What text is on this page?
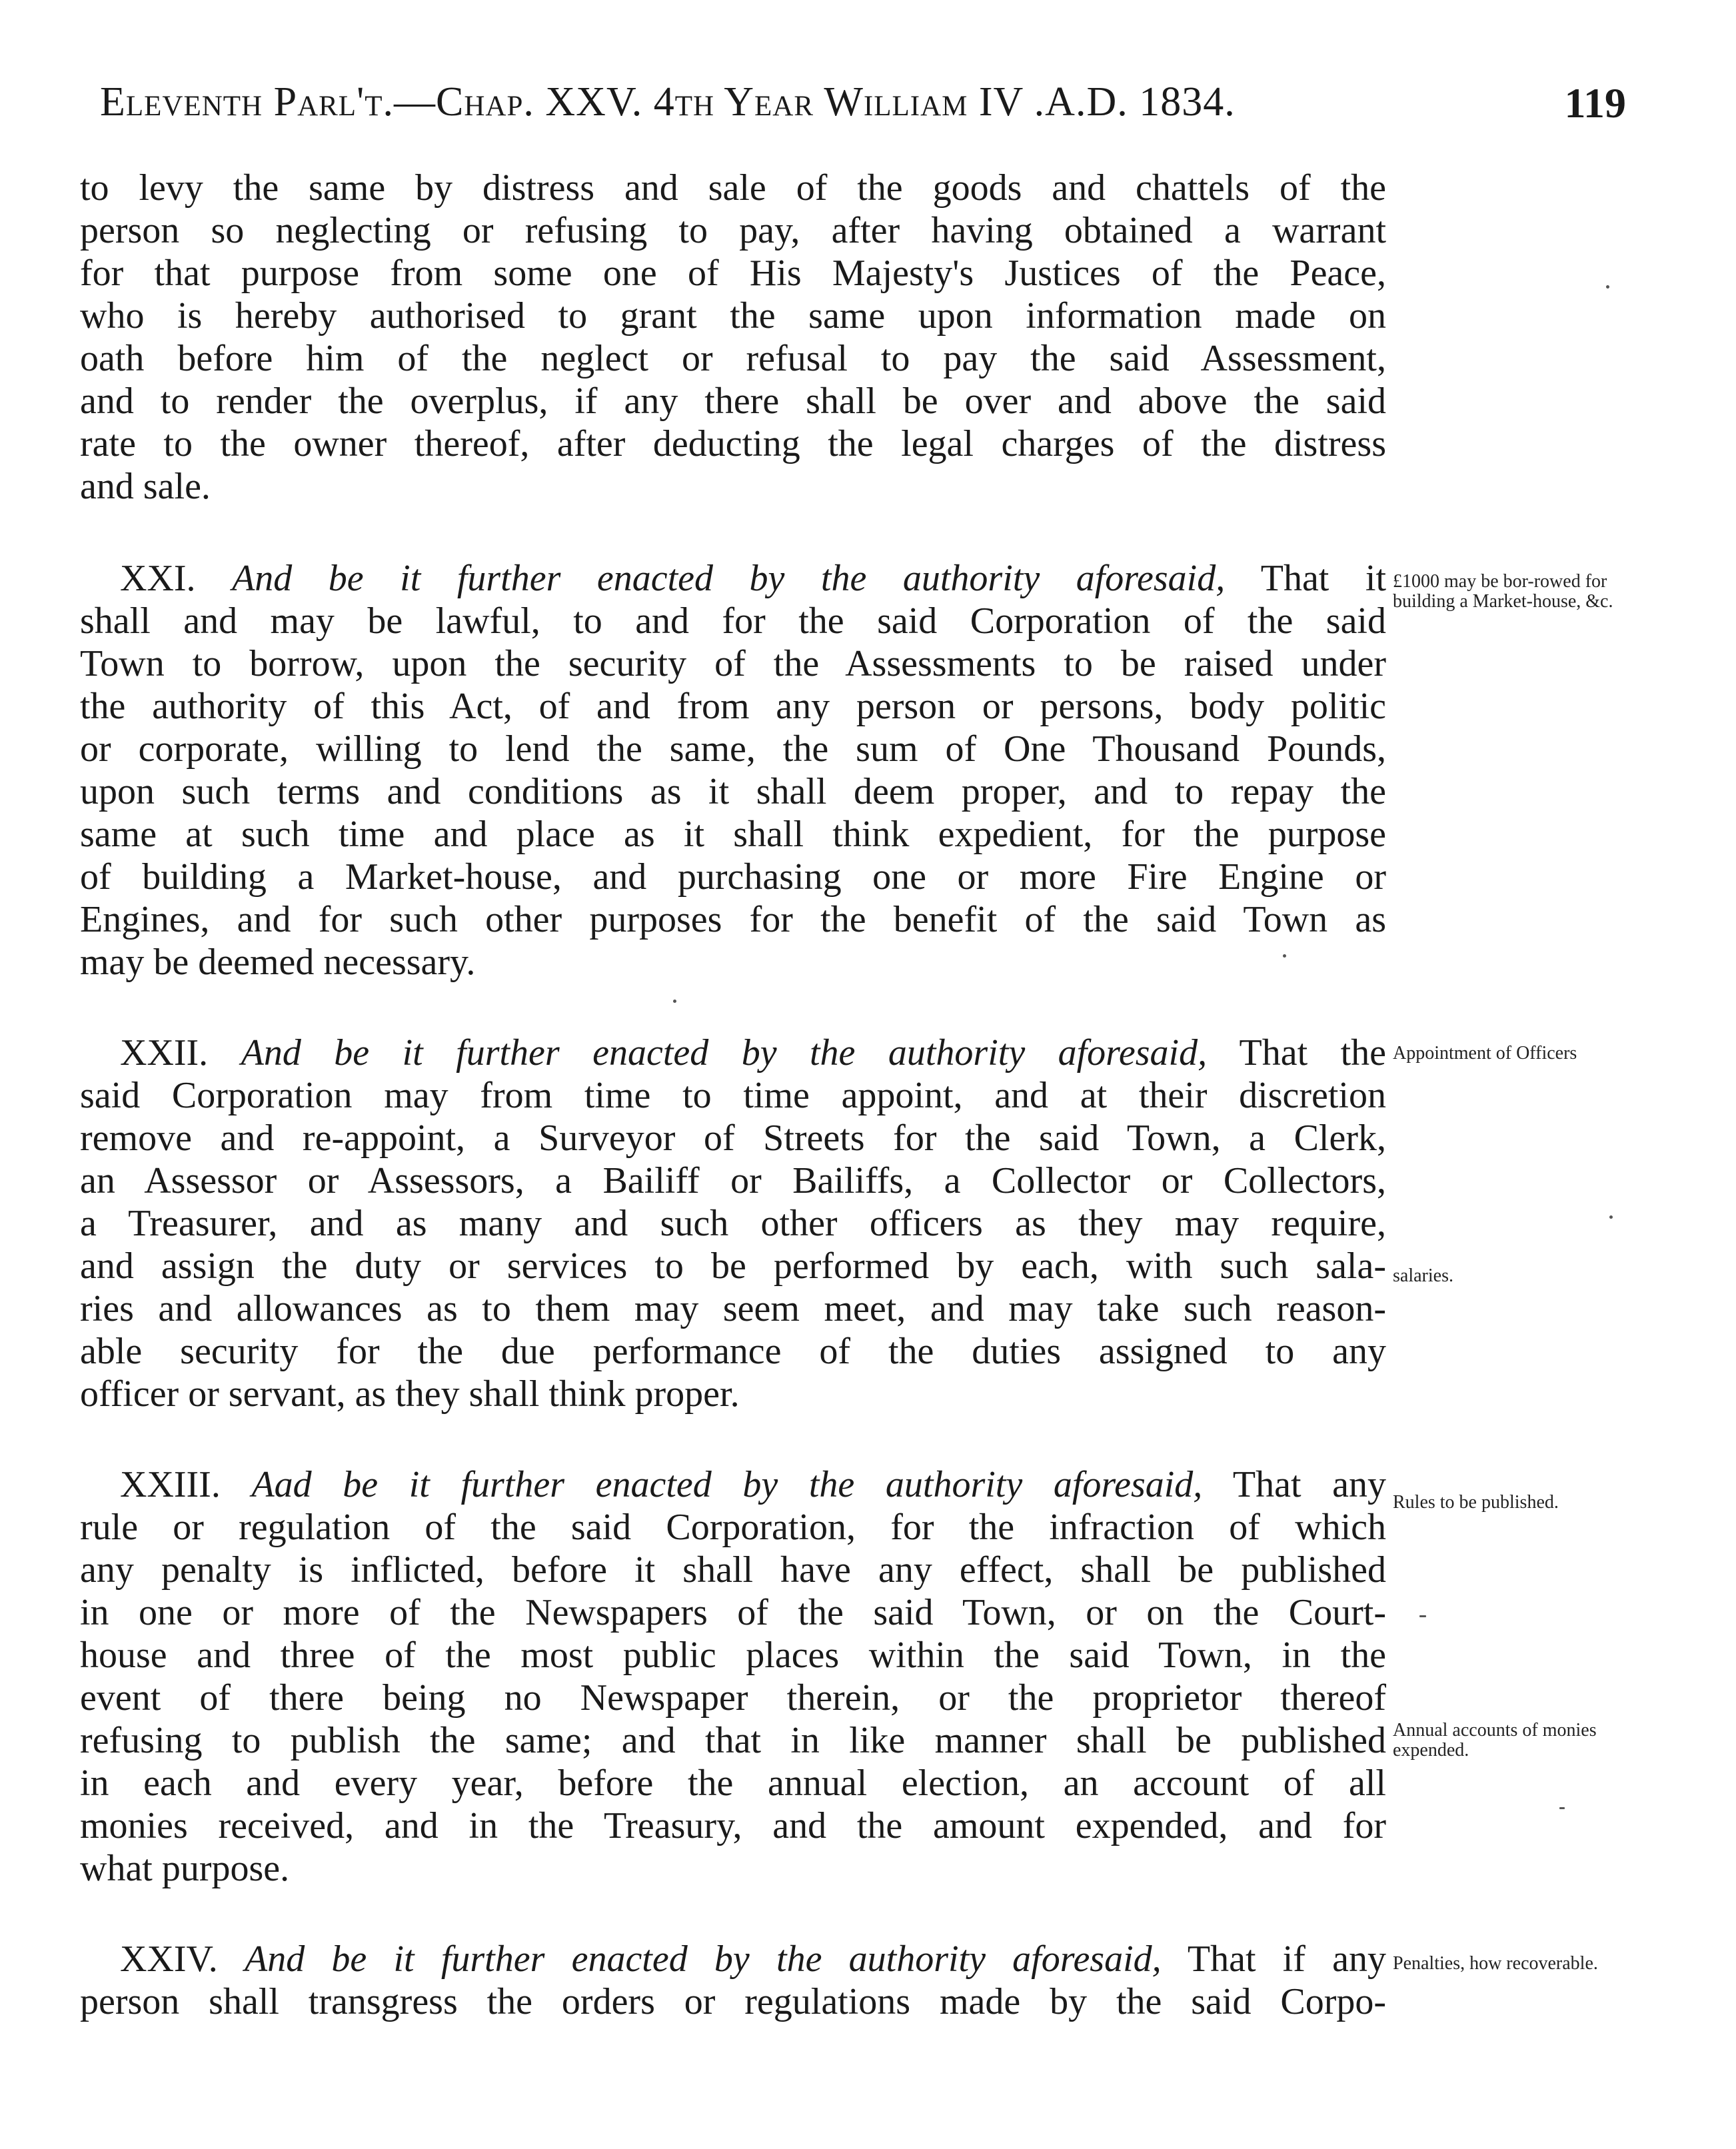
Eleventh Parl't.—Chap. XXV. 4th Year William IV .A.D. 1834.	119
to levy the same by distress and sale of the goods and chattels of the
person so neglecting or refusing to pay, after having obtained a warrant
for that purpose from some one of His Majesty's Justices of the Peace,
who is hereby authorised to grant the same upon information made on
oath before him of the neglect or refusal to pay the said Assessment,
and to render the overplus, if any there shall be over and above the said
rate to the owner thereof, after deducting the legal charges of the distress
and sale.
XXI. And be it further enacted by the authority aforesaid, That it
shall and may be lawful, to and for the said Corporation of the said
Town to borrow, upon the security of the Assessments to be raised under
the authority of this Act, of and from any person or persons, body politic
or corporate, willing to lend the same, the sum of One Thousand Pounds,
upon such terms and conditions as it shall deem proper, and to repay the
same at such time and place as it shall think expedient, for the purpose
of building a Market-house, and purchasing one or more Fire Engine or
Engines, and for such other purposes for the benefit of the said Town as
may be deemed necessary.
XXII. And be it further enacted by the authority aforesaid, That the
said Corporation may from time to time appoint, and at their discretion
remove and re-appoint, a Surveyor of Streets for the said Town, a Clerk,
an Assessor or Assessors, a Bailiff or Bailiffs, a Collector or Collectors,
a Treasurer, and as many and such other officers as they may require,
and assign the duty or services to be performed by each, with such sala-
ries and allowances as to them may seem meet, and may take such reason-
able security for the due performance of the duties assigned to any
officer or servant, as they shall think proper.
XXIII. Aad be it further enacted by the authority aforesaid, That any
rule or regulation of the said Corporation, for the infraction of which
any penalty is inflicted, before it shall have any effect, shall be published
in one or more of the Newspapers of the said Town, or on the Court-
house and three of the most public places within the said Town, in the
event of there being no Newspaper therein, or the proprietor thereof
refusing to publish the same; and that in like manner shall be published
in each and every year, before the annual election, an account of all
monies received, and in the Treasury, and the amount expended, and for
what purpose.
XXIV. And be it further enacted by the authority aforesaid, That if any
person shall transgress the orders or regulations made by the said Corpo-
£1000 may be bor-rowed for building a Market-house, &c.
Appointment of Officers
salaries.
Rules to be published.
Annual accounts of monies expended.
Penalties, how recoverable.
